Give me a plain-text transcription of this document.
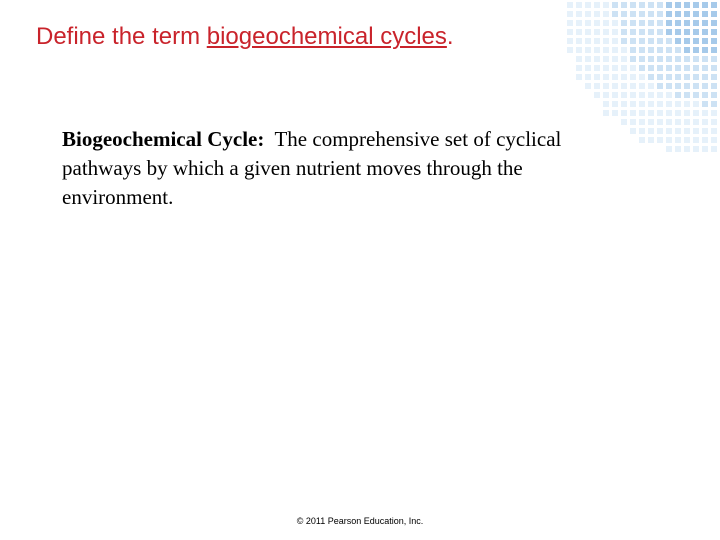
Define the term biogeochemical cycles.

Biogeochemical Cycle: The comprehensive set of cyclical pathways by which a given nutrient moves through the environment.

© 2011 Pearson Education, Inc.
